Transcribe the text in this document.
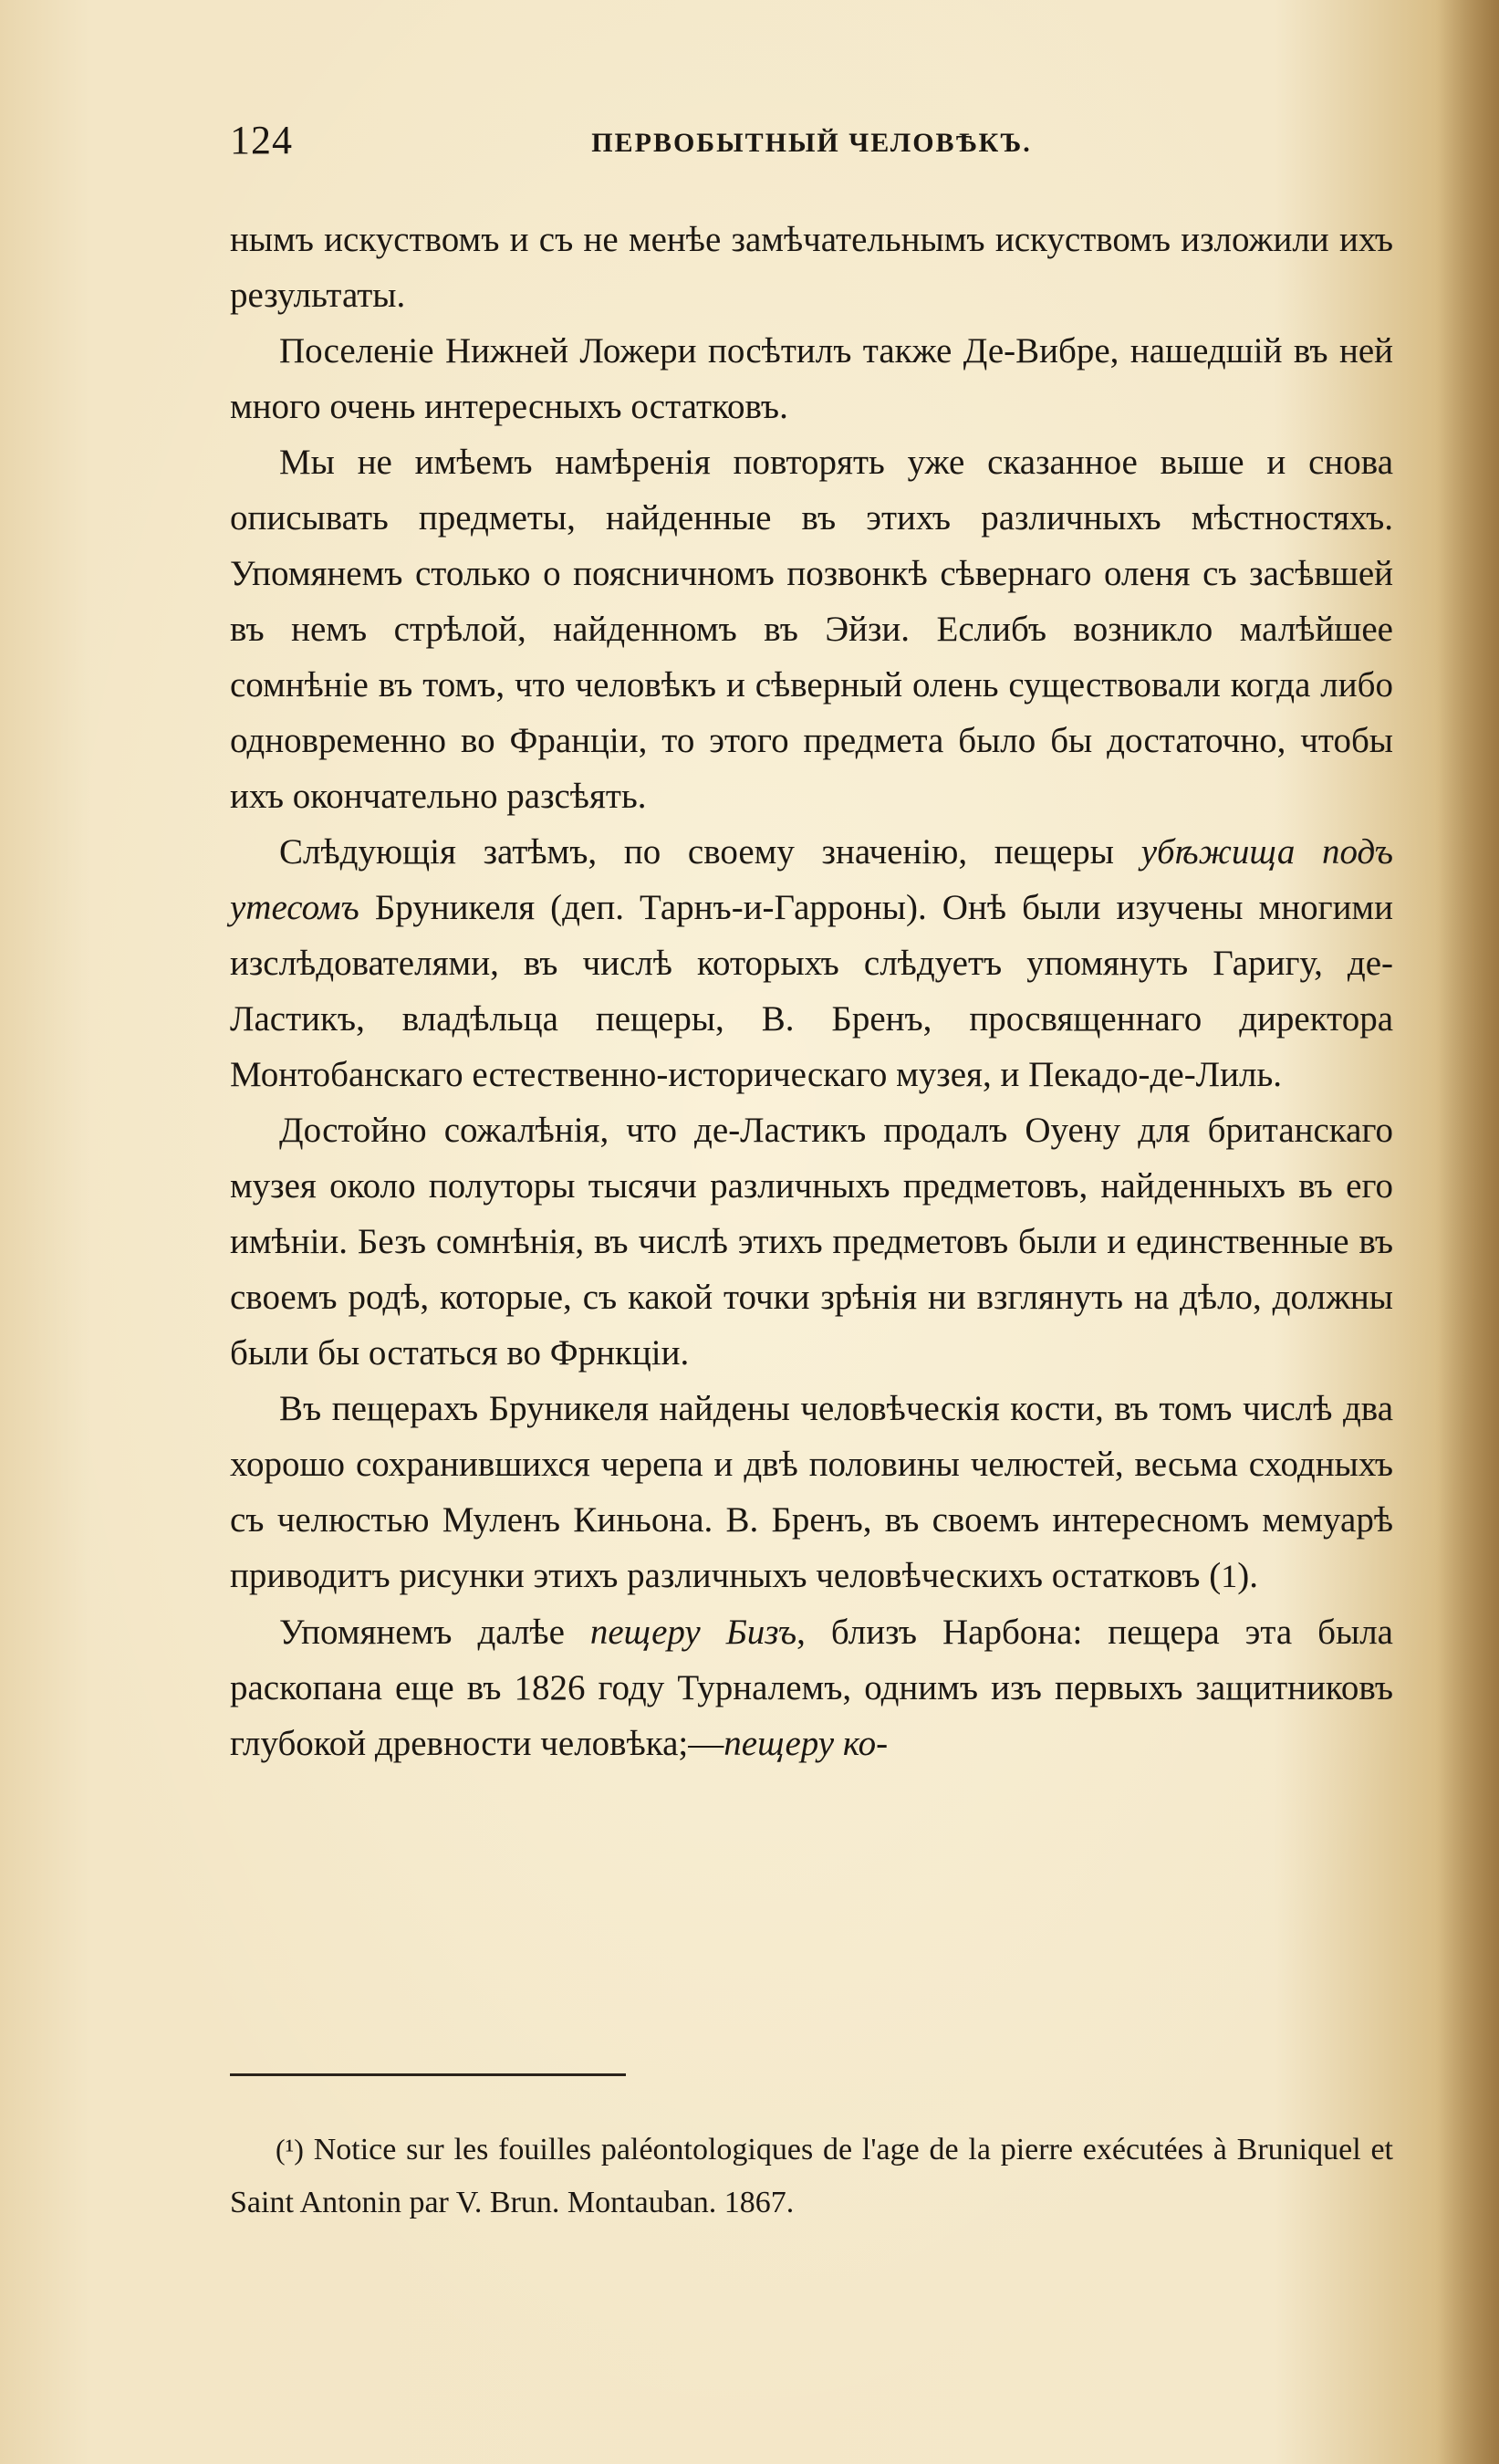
124	ПЕРВОБЫТНЫЙ ЧЕЛОВѢКЪ.

нымъ искуствомъ и съ не менѣе замѣчательнымъ искуствомъ изложили ихъ результаты.

Поселеніе Нижней Ложери посѣтилъ также Де-Вибре, нашедшій въ ней много очень интересныхъ остатковъ.

Мы не имѣемъ намѣренія повторять уже сказанное выше и снова описывать предметы, найденные въ этихъ различныхъ мѣстностяхъ. Упомянемъ столько о поясничномъ позвонкѣ сѣвернаго оленя съ засѣвшей въ немъ стрѣлой, найденномъ въ Эйзи. Еслибъ возникло малѣйшее сомнѣніе въ томъ, что человѣкъ и сѣверный олень существовали когда либо одновременно во Франціи, то этого предмета было бы достаточно, чтобы ихъ окончательно разсѣять.

Слѣдующія затѣмъ, по своему значенію, пещеры убѣжища подъ утесомъ Бруникеля (деп. Тарнъ-и-Гарроны). Онѣ были изучены многими изслѣдователями, въ числѣ которыхъ слѣдуетъ упомянуть Гаригу, де-Ластикъ, владѣльца пещеры, В. Бренъ, просвященнаго директора Монтобанскаго естественно-историческаго музея, и Пекадо-де-Лиль.

Достойно сожалѣнія, что де-Ластикъ продалъ Оуену для британскаго музея около полуторы тысячи различныхъ предметовъ, найденныхъ въ его имѣніи. Безъ сомнѣнія, въ числѣ этихъ предметовъ были и единственные въ своемъ родѣ, которые, съ какой точки зрѣнія ни взглянуть на дѣло, должны были бы остаться во Фрнкціи.

Въ пещерахъ Бруникеля найдены человѣческія кости, въ томъ числѣ два хорошо сохранившихся черепа и двѣ половины челюстей, весьма сходныхъ съ челюстью Муленъ Киньона. В. Бренъ, въ своемъ интересномъ мемуарѣ приводитъ рисунки этихъ различныхъ человѣческихъ остатковъ (1).

Упомянемъ далѣе пещеру Бизъ, близъ Нарбона: пещера эта была раскопана еще въ 1826 году Турналемъ, однимъ изъ первыхъ защитниковъ глубокой древности человѣка;—пещеру ко-

(¹) Notice sur les fouilles paléontologiques de l'age de la pierre exécutées à Bruniquel et Saint Antonin par V. Brun. Montauban. 1867.
